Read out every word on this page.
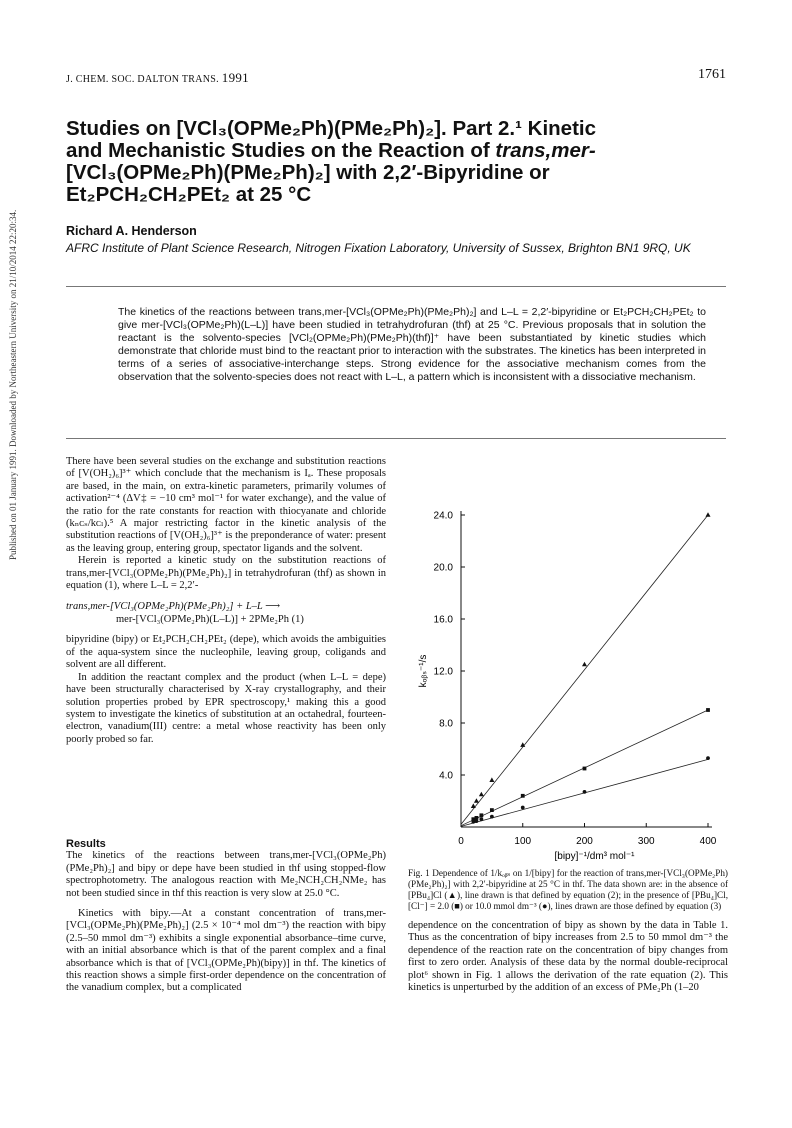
J. CHEM. SOC. DALTON TRANS. 1991	1761
Published on 01 January 1991. Downloaded by Northeastern University on 21/10/2014 22:20:34.
Studies on [VCl₃(OPMe₂Ph)(PMe₂Ph)₂]. Part 2.¹ Kinetic
and Mechanistic Studies on the Reaction of trans,mer-
[VCl₃(OPMe₂Ph)(PMe₂Ph)₂] with 2,2′-Bipyridine or
Et₂PCH₂CH₂PEt₂ at 25 °C
Richard A. Henderson
AFRC Institute of Plant Science Research, Nitrogen Fixation Laboratory, University of Sussex, Brighton BN1 9RQ, UK
The kinetics of the reactions between trans,mer-[VCl₃(OPMe₂Ph)(PMe₂Ph)₂] and L–L = 2,2′-bipyridine or Et₂PCH₂CH₂PEt₂ to give mer-[VCl₃(OPMe₂Ph)(L–L)] have been studied in tetrahydrofuran (thf) at 25 °C. Previous proposals that in solution the reactant is the solvento-species [VCl₂(OPMe₂Ph)(PMe₂Ph)(thf)]⁺ have been substantiated by kinetic studies which demonstrate that chloride must bind to the reactant prior to interaction with the substrates. The kinetics has been interpreted in terms of a series of associative-interchange steps. Strong evidence for the associative mechanism comes from the observation that the solvento-species does not react with L–L, a pattern which is inconsistent with a dissociative mechanism.

There have been several studies on the exchange and substitution reactions of [V(OH₂)₆]³⁺ which conclude that the mechanism is Iₐ. These proposals are based, in the main, on extra-kinetic parameters, primarily volumes of activation²⁻⁴ (ΔV‡ = −10 cm³ mol⁻¹ for water exchange), and the value of the ratio for the rate constants for reaction with thiocyanate and chloride (kₙᴄₛ/kᴄₗ).⁵ A major restricting factor in the kinetic analysis of the substitution reactions of [V(OH₂)₆]³⁺ is the preponderance of water: present as the leaving group, entering group, spectator ligands and the solvent.

Herein is reported a kinetic study on the substitution reactions of trans,mer-[VCl₃(OPMe₂Ph)(PMe₂Ph)₂] in tetrahydrofuran (thf) as shown in equation (1), where L–L = 2,2′-

trans,mer-[VCl₃(OPMe₂Ph)(PMe₂Ph)₂] + L–L ⟶
mer-[VCl₃(OPMe₂Ph)(L–L)] + 2PMe₂Ph (1)

bipyridine (bipy) or Et₂PCH₂CH₂PEt₂ (depe), which avoids the ambiguities of the aqua-system since the nucleophile, leaving group, coligands and solvent are all different.

In addition the reactant complex and the product (when L–L = depe) have been structurally characterised by X-ray crystallography, and their solution properties probed by EPR spectroscopy,¹ making this a good system to investigate the kinetics of substitution at an octahedral, fourteen-electron, vanadium(III) centre: a metal whose reactivity has been only poorly probed so far.

Results

The kinetics of the reactions between trans,mer-[VCl₃(OPMe₂Ph)(PMe₂Ph)₂] and bipy or depe have been studied in thf using stopped-flow spectrophotometry. The analogous reaction with Me₂NCH₂CH₂NMe₂ has not been studied since in thf this reaction is very slow at 25.0 °C.

Kinetics with bipy.—At a constant concentration of trans,mer-[VCl₃(OPMe₂Ph)(PMe₂Ph)₂] (2.5 × 10⁻⁴ mol dm⁻³) the reaction with bipy (2.5–50 mmol dm⁻³) exhibits a single exponential absorbance–time curve, with an initial absorbance which is that of the parent complex and a final absorbance which is that of [VCl₃(OPMe₂Ph)(bipy)] in thf. The kinetics of this reaction shows a simple first-order dependence on the concentration of the vanadium complex, but a complicated

4.0
8.0
12.0
16.0
20.0
24.0
0	100	200	300	400
[bipy]⁻¹/dm³ mol⁻¹
kₒᵦₛ⁻¹/s
Fig. 1 Dependence of 1/kₒᵦₛ on 1/[bipy] for the reaction of trans,mer-[VCl₃(OPMe₂Ph)(PMe₂Ph)₂] with 2,2′-bipyridine at 25 °C in thf. The data shown are: in the absence of [PBu₄]Cl (▲), line drawn is that defined by equation (2); in the presence of [PBu₄]Cl, [Cl⁻] = 2.0 (■) or 10.0 mmol dm⁻³ (●), lines drawn are those defined by equation (3)

dependence on the concentration of bipy as shown by the data in Table 1. Thus as the concentration of bipy increases from 2.5 to 50 mmol dm⁻³ the dependence of the reaction rate on the concentration of bipy changes from first to zero order. Analysis of these data by the normal double-reciprocal plot⁶ shown in Fig. 1 allows the derivation of the rate equation (2). This kinetics is unperturbed by the addition of an excess of PMe₂Ph (1–20
